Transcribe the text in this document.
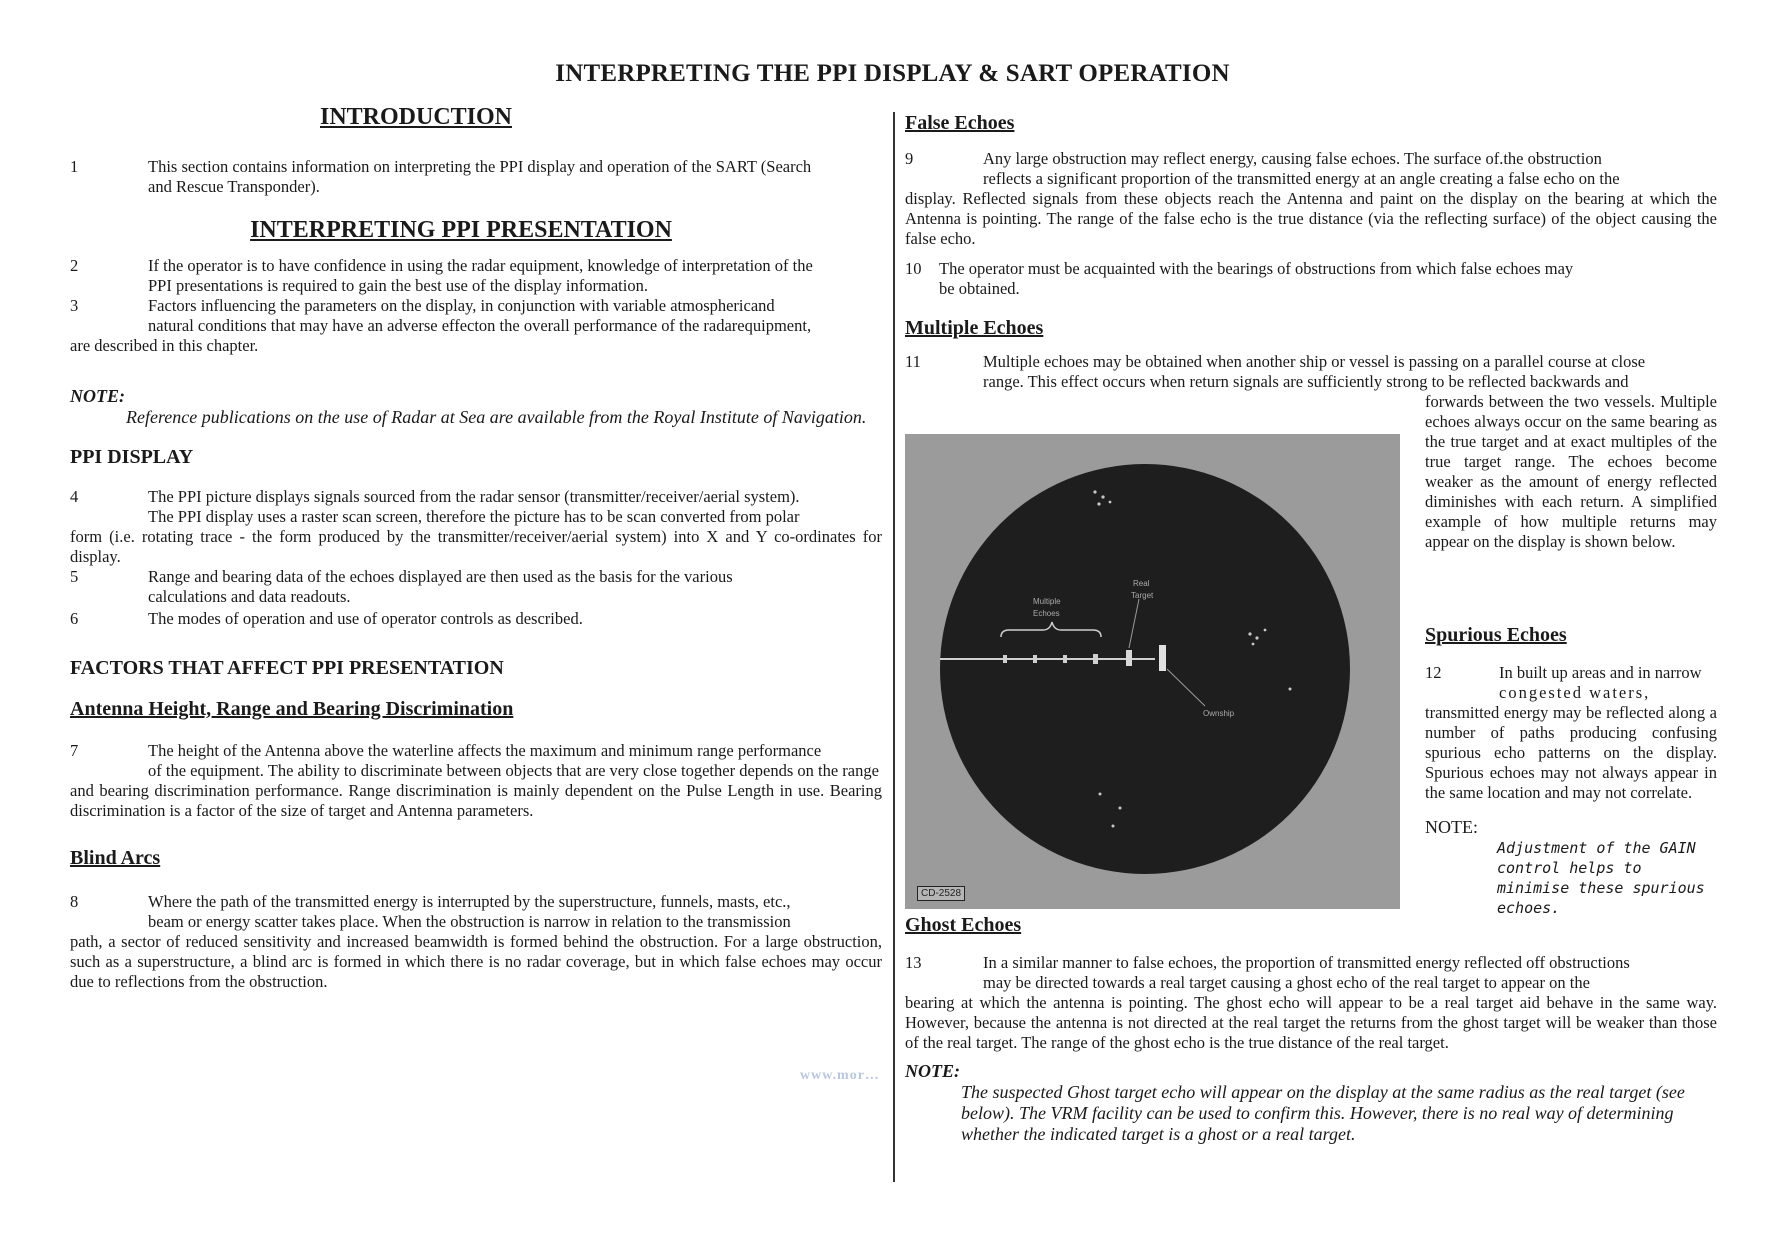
INTERPRETING THE PPI DISPLAY & SART OPERATION
INTRODUCTION

1	This section contains information on interpreting the PPI display and operation of the SART (Search
and Rescue Transponder).

INTERPRETING PPI PRESENTATION

2	If the operator is to have confidence in using the radar equipment, knowledge of interpretation of the
PPI presentations is required to gain the best use of the display information.

3	Factors influencing the parameters on the display, in conjunction with variable atmosphericand
natural conditions that may have an adverse effecton the overall performance of the radarequipment,
are described in this chapter.

NOTE:

Reference publications on the use of Radar at Sea are available from the Royal Institute of Navigation.

PPI DISPLAY

4	The PPI picture displays signals sourced from the radar sensor (transmitter/receiver/aerial system).
The PPI display uses a raster scan screen, therefore the picture has to be scan converted from polar
form (i.e. rotating trace - the form produced by the transmitter/receiver/aerial system) into X and Y co-ordinates for display.

5	Range and bearing data of the echoes displayed are then used as the basis for the various
calculations and data readouts.

6	The modes of operation and use of operator controls as described.

FACTORS THAT AFFECT PPI PRESENTATION
Antenna Height, Range and Bearing Discrimination

7	The height of the Antenna above the waterline affects the maximum and minimum range performance
of the equipment. The ability to discriminate between objects that are very close together depends on the range
and bearing discrimination performance. Range discrimination is mainly dependent on the Pulse Length in use. Bearing discrimination is a factor of the size of target and Antenna parameters.

Blind Arcs

8	Where the path of the transmitted energy is interrupted by the superstructure, funnels, masts, etc.,
beam or energy scatter takes place. When the obstruction is narrow in relation to the transmission
path, a sector of reduced sensitivity and increased beamwidth is formed behind the obstruction. For a large obstruction, such as a superstructure, a blind arc is formed in which there is no radar coverage, but in which false echoes may occur due to reflections from the obstruction.

False Echoes

9	Any large obstruction may reflect energy, causing false echoes. The surface of.the obstruction
reflects a significant proportion of the transmitted energy at an angle creating a false echo on the
display. Reflected signals from these objects reach the Antenna and paint on the display on the bearing at which the Antenna is pointing. The range of the false echo is the true distance (via the reflecting surface) of the object causing the false echo.

10 The operator must be acquainted with the bearings of obstructions from which false echoes may
be obtained.

Multiple Echoes

11	Multiple echoes may be obtained when another ship or vessel is passing on a parallel course at close
range. This effect occurs when return signals are sufficiently strong to be reflected backwards and

forwards between the two vessels. Multiple echoes always occur on the same bearing as the true target and at exact multiples of the true target range. The echoes become weaker as the amount of energy reflected diminishes with each return. A simplified example of how multiple returns may appear on the display is shown below.

Multiple
Echoes
Real
Target
Ownship
CD-2528
Spurious Echoes

12	In built up areas and in narrow
congested waters,
transmitted energy may be reflected along a number of paths producing confusing spurious echo patterns on the display. Spurious echoes may not always appear in the same location and may not correlate.

NOTE:

Adjustment of the GAIN control helps to minimise these spurious echoes.

Ghost Echoes

13	In a similar manner to false echoes, the proportion of transmitted energy reflected off obstructions
may be directed towards a real target causing a ghost echo of the real target to appear on the
bearing at which the antenna is pointing. The ghost echo will appear to be a real target aid behave in the same way. However, because the antenna is not directed at the real target the returns from the ghost target will be weaker than those of the real target. The range of the ghost echo is the true distance of the real target.

NOTE:

The suspected Ghost target echo will appear on the display at the same radius as the real target (see below). The VRM facility can be used to confirm this. However, there is no real way of determining whether the indicated target is a ghost or a real target.

www.mor…
